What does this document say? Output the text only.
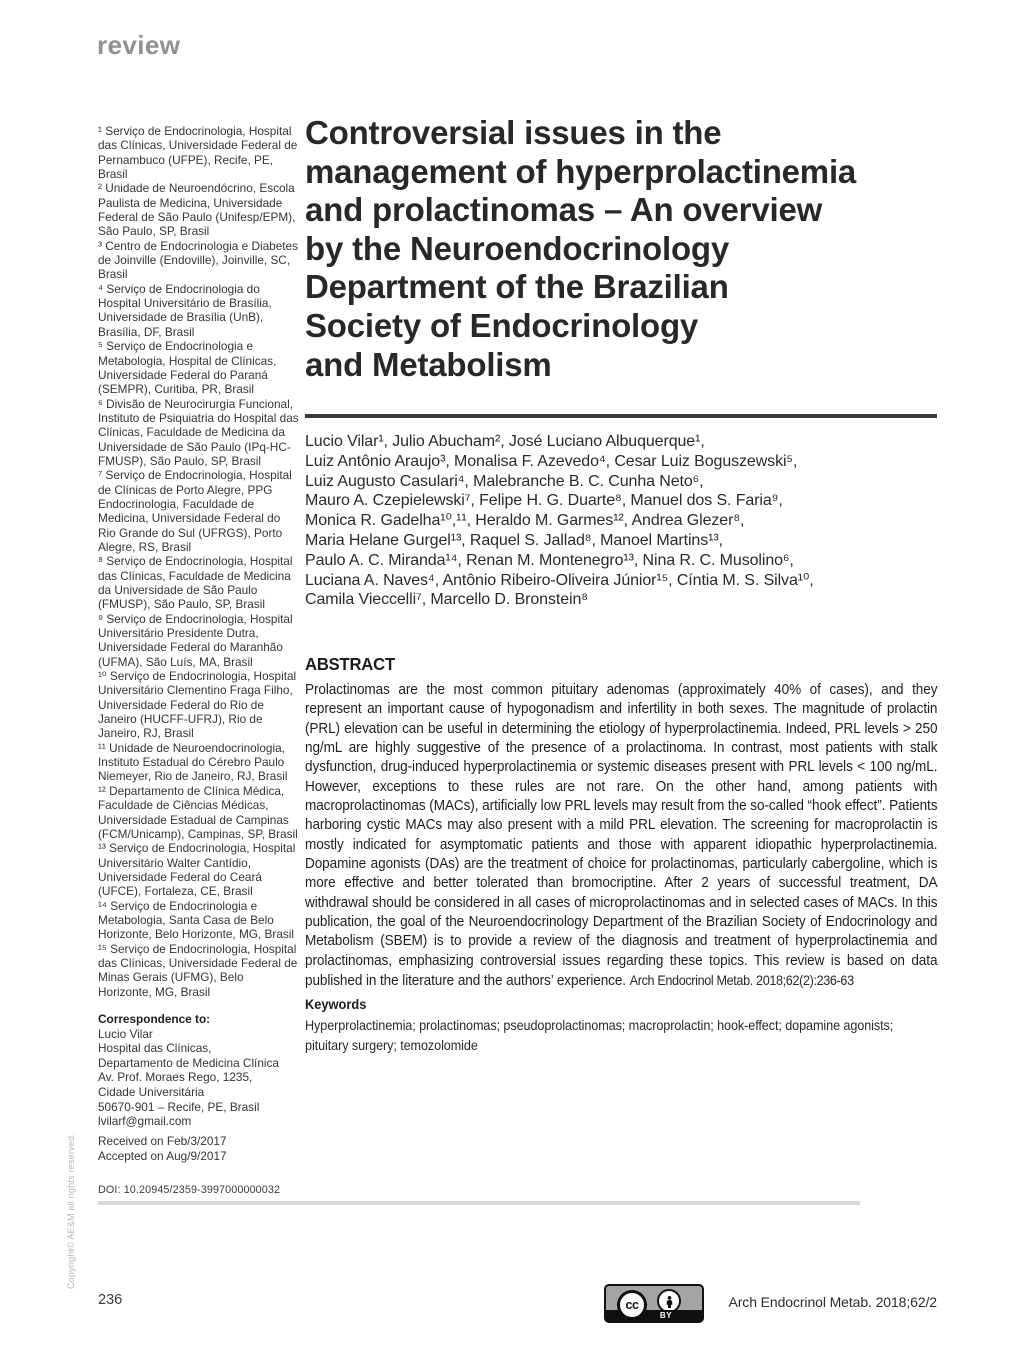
review

¹ Serviço de Endocrinologia, Hospital das Clínicas, Universidade Federal de Pernambuco (UFPE), Recife, PE, Brasil

² Unidade de Neuroendócrino, Escola Paulista de Medicina, Universidade Federal de São Paulo (Unifesp/EPM), São Paulo, SP, Brasil

³ Centro de Endocrinologia e Diabetes de Joinville (Endoville), Joinville, SC, Brasil

⁴ Serviço de Endocrinologia do Hospital Universitário de Brasília, Universidade de Brasília (UnB), Brasília, DF, Brasil

⁵ Serviço de Endocrinologia e Metabologia, Hospital de Clínicas, Universidade Federal do Paraná (SEMPR), Curitiba, PR, Brasil

⁶ Divisão de Neurocirurgia Funcional, Instituto de Psiquiatria do Hospital das Clínicas, Faculdade de Medicina da Universidade de São Paulo (IPq-HC-FMUSP), São Paulo, SP, Brasil

⁷ Serviço de Endocrinologia, Hospital de Clínicas de Porto Alegre, PPG Endocrinologia, Faculdade de Medicina, Universidade Federal do Rio Grande do Sul (UFRGS), Porto Alegre, RS, Brasil

⁸ Serviço de Endocrinologia, Hospital das Clínicas, Faculdade de Medicina da Universidade de São Paulo (FMUSP), São Paulo, SP, Brasil

⁹ Serviço de Endocrinologia, Hospital Universitário Presidente Dutra, Universidade Federal do Maranhão (UFMA), São Luís, MA, Brasil

¹⁰ Serviço de Endocrinologia, Hospital Universitário Clementino Fraga Filho, Universidade Federal do Rio de Janeiro (HUCFF-UFRJ), Rio de Janeiro, RJ, Brasil

¹¹ Unidade de Neuroendocrinologia, Instituto Estadual do Cérebro Paulo Niemeyer, Rio de Janeiro, RJ, Brasil

¹² Departamento de Clínica Médica, Faculdade de Ciências Médicas, Universidade Estadual de Campinas (FCM/Unicamp), Campinas, SP, Brasil

¹³ Serviço de Endocrinologia, Hospital Universitário Walter Cantídio, Universidade Federal do Ceará (UFCE), Fortaleza, CE, Brasil

¹⁴ Serviço de Endocrinologia e Metabologia, Santa Casa de Belo Horizonte, Belo Horizonte, MG, Brasil

¹⁵ Serviço de Endocrinologia, Hospital das Clínicas, Universidade Federal de Minas Gerais (UFMG), Belo Horizonte, MG, Brasil

Correspondence to:

Lucio Vilar

Hospital das Clínicas,

Departamento de Medicina Clínica

Av. Prof. Moraes Rego, 1235,

Cidade Universitária

50670-901 – Recife, PE, Brasil

lvilarf@gmail.com

Received on Feb/3/2017

Accepted on Aug/9/2017

DOI: 10.20945/2359-3997000000032

Copyright© AE&M all rights reserved.
Controversial issues in the
management of hyperprolactinemia
and prolactinomas – An overview
by the Neuroendocrinology
Department of the Brazilian
Society of Endocrinology
and Metabolism

Lucio Vilar¹, Julio Abucham², José Luciano Albuquerque¹,

Luiz Antônio Araujo³, Monalisa F. Azevedo⁴, Cesar Luiz Boguszewski⁵,

Luiz Augusto Casulari⁴, Malebranche B. C. Cunha Neto⁶,

Mauro A. Czepielewski⁷, Felipe H. G. Duarte⁸, Manuel dos S. Faria⁹,

Monica R. Gadelha¹⁰,¹¹, Heraldo M. Garmes¹², Andrea Glezer⁸,

Maria Helane Gurgel¹³, Raquel S. Jallad⁸, Manoel Martins¹³,

Paulo A. C. Miranda¹⁴, Renan M. Montenegro¹³, Nina R. C. Musolino⁶,

Luciana A. Naves⁴, Antônio Ribeiro-Oliveira Júnior¹⁵, Cíntia M. S. Silva¹⁰,

Camila Vieccelli⁷, Marcello D. Bronstein⁸

ABSTRACT

Prolactinomas are the most common pituitary adenomas (approximately 40% of cases), and they represent an important cause of hypogonadism and infertility in both sexes. The magnitude of prolactin (PRL) elevation can be useful in determining the etiology of hyperprolactinemia. Indeed, PRL levels > 250 ng/mL are highly suggestive of the presence of a prolactinoma. In contrast, most patients with stalk dysfunction, drug-induced hyperprolactinemia or systemic diseases present with PRL levels < 100 ng/mL. However, exceptions to these rules are not rare. On the other hand, among patients with macroprolactinomas (MACs), artificially low PRL levels may result from the so-called “hook effect”. Patients harboring cystic MACs may also present with a mild PRL elevation. The screening for macroprolactin is mostly indicated for asymptomatic patients and those with apparent idiopathic hyperprolactinemia. Dopamine agonists (DAs) are the treatment of choice for prolactinomas, particularly cabergoline, which is more effective and better tolerated than bromocriptine. After 2 years of successful treatment, DA withdrawal should be considered in all cases of microprolactinomas and in selected cases of MACs. In this publication, the goal of the Neuroendocrinology Department of the Brazilian Society of Endocrinology and Metabolism (SBEM) is to provide a review of the diagnosis and treatment of hyperprolactinemia and prolactinomas, emphasizing controversial issues regarding these topics. This review is based on data published in the literature and the authors’ experience. Arch Endocrinol Metab. 2018;62(2):236-63

Keywords

Hyperprolactinemia; prolactinomas; pseudoprolactinomas; macroprolactin; hook-effect; dopamine agonists; pituitary surgery; temozolomide

236	cc
BY
Arch Endocrinol Metab. 2018;62/2
